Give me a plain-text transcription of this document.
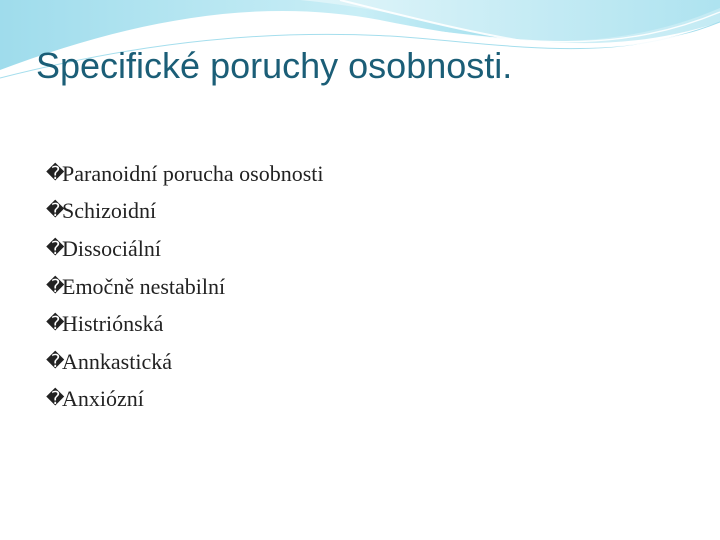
Specifické poruchy osobnosti.
�
Paranoidní porucha osobnosti
�
Schizoidní
�
Dissociální
�
Emočně nestabilní
�
Histriónská
�
Annkastická
�
Anxiózní
